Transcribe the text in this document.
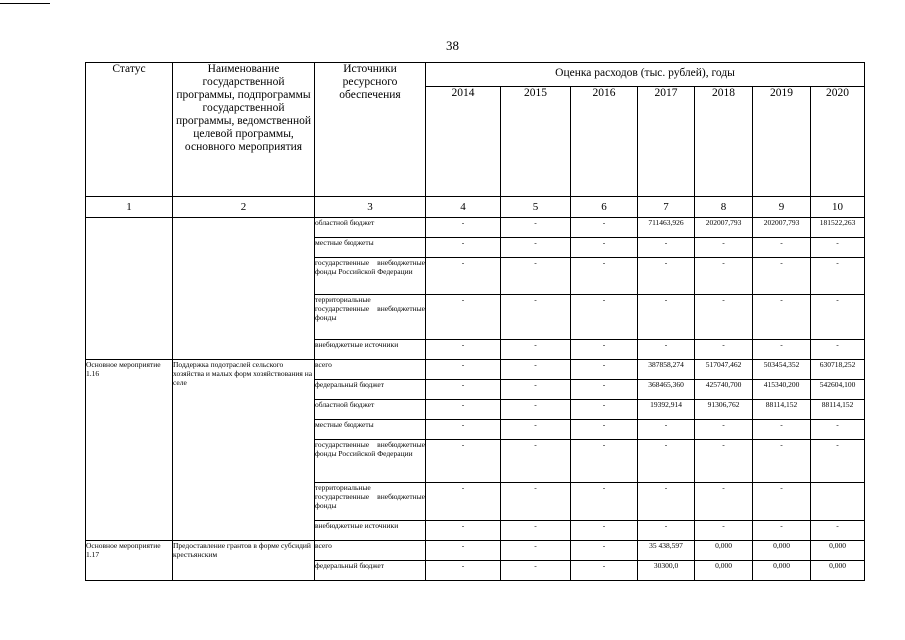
38
Статус	Наименование государственной программы, подпрограммы государственной программы, ведомственной целевой программы, основного мероприятия	Источники ресурсного обеспечения	Оценка расходов (тыс. рублей), годы						
			2014	2015	2016	2017	2018	2019	2020
1	2	3	4	5	6	7	8	9	10
		областной бюджет	-	-	-	711463,926	202007,793	202007,793	181522,263
		местные бюджеты	-	-	-	-	-	-	-
		государственные внебюджетные фонды Российской Федерации	-	-	-	-	-	-	-
		территориальные государственные внебюджетные фонды	-	-	-	-	-	-	-
		внебюджетные источники	-	-	-	-	-	-	-
Основное мероприятие 1.16	Поддержка подотраслей сельского хозяйства и малых форм хозяйствования на селе	всего	-	-	-	387858,274	517047,462	503454,352	630718,252
		федеральный бюджет	-	-	-	368465,360	425740,700	415340,200	542604,100
		областной бюджет	-	-	-	19392,914	91306,762	88114,152	88114,152
		местные бюджеты	-	-	-	-	-	-	-
		государственные внебюджетные фонды Российской Федерации	-	-	-	-	-	-	-
		территориальные государственные внебюджетные фонды	-	-	-	-	-	-	
		внебюджетные источники	-	-	-	-	-	-	-
Основное мероприятие 1.17	Предоставление грантов в форме субсидий крестьянским	всего	-	-	-	35 438,597	0,000	0,000	0,000
		федеральный бюджет	-	-	-	30300,0	0,000	0,000	0,000
